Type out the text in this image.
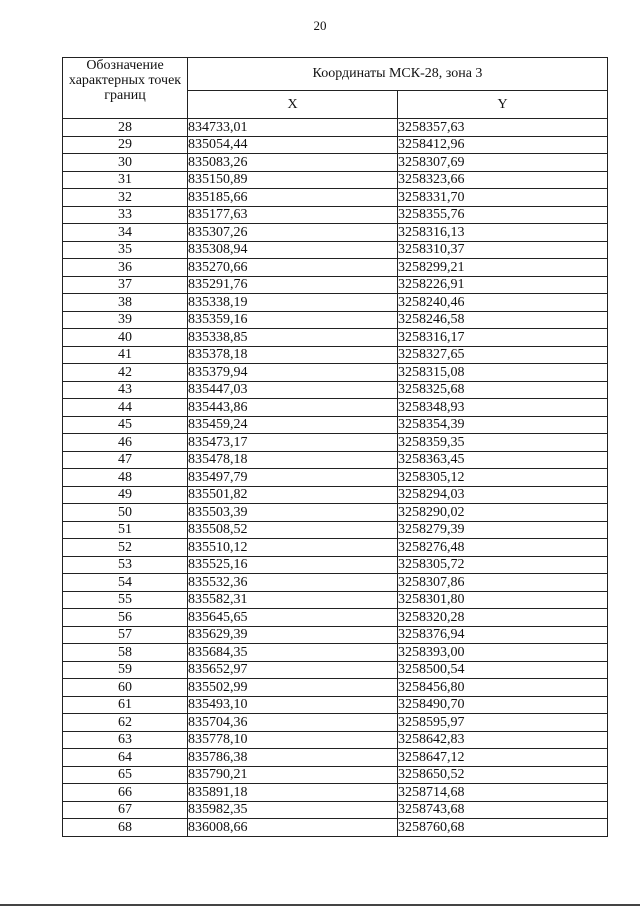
20
Обозначение характерных точек границ	Координаты МСК-28, зона 3	
	X	Y
28	834733,01	3258357,63
29	835054,44	3258412,96
30	835083,26	3258307,69
31	835150,89	3258323,66
32	835185,66	3258331,70
33	835177,63	3258355,76
34	835307,26	3258316,13
35	835308,94	3258310,37
36	835270,66	3258299,21
37	835291,76	3258226,91
38	835338,19	3258240,46
39	835359,16	3258246,58
40	835338,85	3258316,17
41	835378,18	3258327,65
42	835379,94	3258315,08
43	835447,03	3258325,68
44	835443,86	3258348,93
45	835459,24	3258354,39
46	835473,17	3258359,35
47	835478,18	3258363,45
48	835497,79	3258305,12
49	835501,82	3258294,03
50	835503,39	3258290,02
51	835508,52	3258279,39
52	835510,12	3258276,48
53	835525,16	3258305,72
54	835532,36	3258307,86
55	835582,31	3258301,80
56	835645,65	3258320,28
57	835629,39	3258376,94
58	835684,35	3258393,00
59	835652,97	3258500,54
60	835502,99	3258456,80
61	835493,10	3258490,70
62	835704,36	3258595,97
63	835778,10	3258642,83
64	835786,38	3258647,12
65	835790,21	3258650,52
66	835891,18	3258714,68
67	835982,35	3258743,68
68	836008,66	3258760,68
